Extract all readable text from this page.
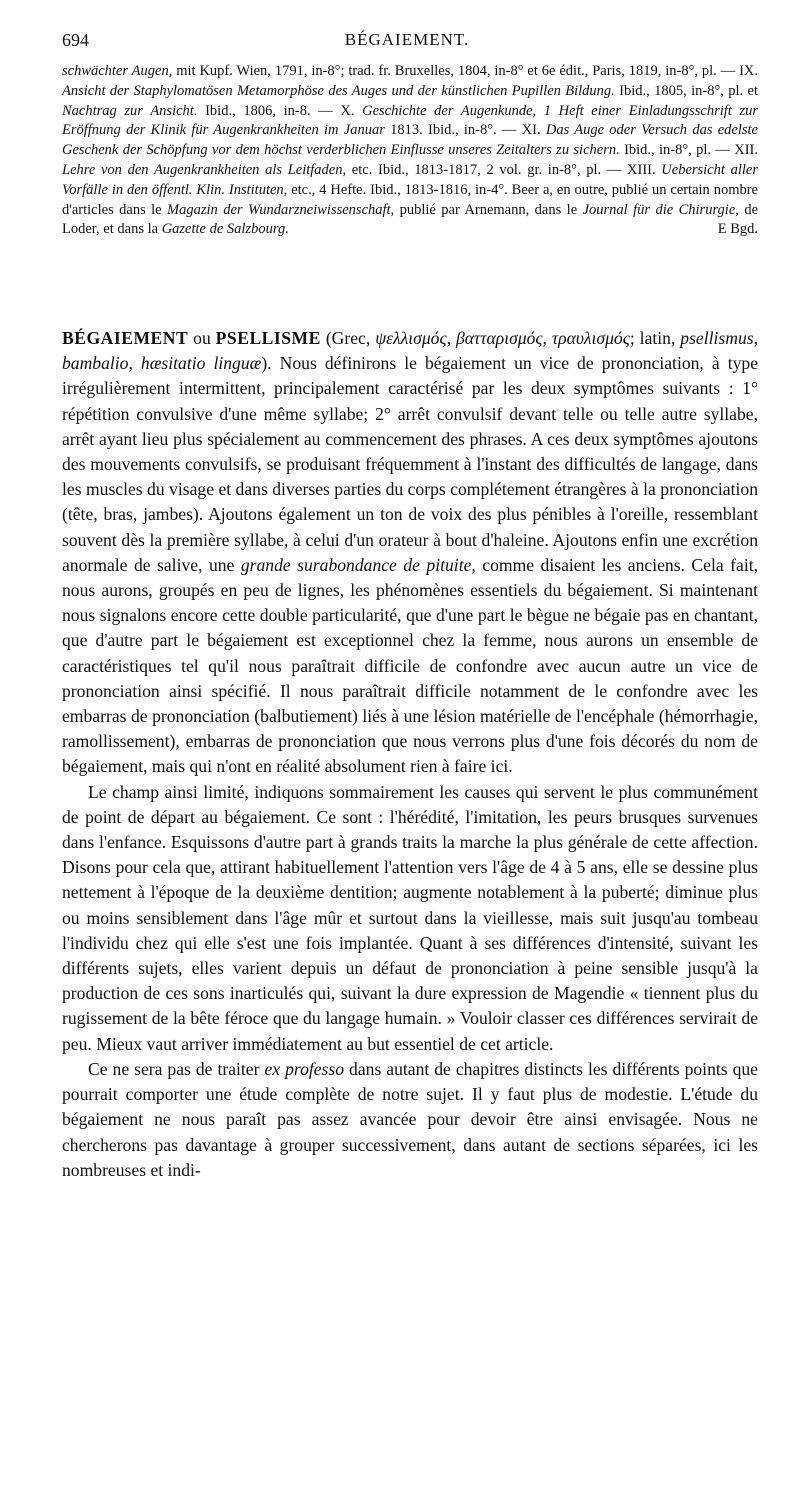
694	BÉGAIEMENT.
schwächter Augen, mit Kupf. Wien, 1791, in-8°; trad. fr. Bruxelles, 1804, in-8° et 6e édit., Paris, 1819, in-8°, pl. — IX. Ansicht der Staphylomatösen Metamorphöse des Auges und der künstlichen Pupillen Bildung. Ibid., 1805, in-8°, pl. et Nachtrag zur Ansicht. Ibid., 1806, in-8. — X. Geschichte der Augenkunde, 1 Heft einer Einladungsschrift zur Eröffnung der Klinik für Augenkrankheiten im Januar 1813. Ibid., in-8°. — XI. Das Auge oder Versuch das edelste Geschenk der Schöpfung vor dem höchst verderblichen Einflusse unseres Zeitalters zu sichern. Ibid., in-8°, pl. — XII. Lehre von den Augenkrankheiten als Leitfaden, etc. Ibid., 1813-1817, 2 vol. gr. in-8°, pl. — XIII. Uebersicht aller Vorfälle in den öffentl. Klin. Instituten, etc., 4 Hefte. Ibid., 1813-1816, in-4°. Beer a, en outre, publié un certain nombre d'articles dans le Magazin der Wundarzneiwissenschaft, publié par Arnemann, dans le Journal für die Chirurgie, de Loder, et dans la Gazette de Salzbourg.	E Bgd.

BÉGAIEMENT ou PSELLISME (Grec, ψελλισμός, βατταρισμός, τραυλισμός; latin, psellismus, bambalio, hæsitatio linguæ). Nous définirons le bégaiement un vice de prononciation, à type irrégulièrement intermittent, principalement caractérisé par les deux symptômes suivants : 1° répétition convulsive d'une même syllabe; 2° arrêt convulsif devant telle ou telle autre syllabe, arrêt ayant lieu plus spécialement au commencement des phrases. A ces deux symptômes ajoutons des mouvements convulsifs, se produisant fréquemment à l'instant des difficultés de langage, dans les muscles du visage et dans diverses parties du corps complétement étrangères à la prononciation (tête, bras, jambes). Ajoutons également un ton de voix des plus pénibles à l'oreille, ressemblant souvent dès la première syllabe, à celui d'un orateur à bout d'haleine. Ajoutons enfin une excrétion anormale de salive, une grande surabondance de pituite, comme disaient les anciens. Cela fait, nous aurons, groupés en peu de lignes, les phénomènes essentiels du bégaiement. Si maintenant nous signalons encore cette double particularité, que d'une part le bègue ne bégaie pas en chantant, que d'autre part le bégaiement est exceptionnel chez la femme, nous aurons un ensemble de caractéristiques tel qu'il nous paraîtrait difficile de confondre avec aucun autre un vice de prononciation ainsi spécifié. Il nous paraîtrait difficile notamment de le confondre avec les embarras de prononciation (balbutiement) liés à une lésion matérielle de l'encéphale (hémorrhagie, ramollissement), embarras de prononciation que nous verrons plus d'une fois décorés du nom de bégaiement, mais qui n'ont en réalité absolument rien à faire ici.

Le champ ainsi limité, indiquons sommairement les causes qui servent le plus communément de point de départ au bégaiement. Ce sont : l'hérédité, l'imitation, les peurs brusques survenues dans l'enfance. Esquissons d'autre part à grands traits la marche la plus générale de cette affection. Disons pour cela que, attirant habituellement l'attention vers l'âge de 4 à 5 ans, elle se dessine plus nettement à l'époque de la deuxième dentition; augmente notablement à la puberté; diminue plus ou moins sensiblement dans l'âge mûr et surtout dans la vieillesse, mais suit jusqu'au tombeau l'individu chez qui elle s'est une fois implantée. Quant à ses différences d'intensité, suivant les différents sujets, elles varient depuis un défaut de prononciation à peine sensible jusqu'à la production de ces sons inarticulés qui, suivant la dure expression de Magendie « tiennent plus du rugissement de la bête féroce que du langage humain. » Vouloir classer ces différences servirait de peu. Mieux vaut arriver immédiatement au but essentiel de cet article.

Ce ne sera pas de traiter ex professo dans autant de chapitres distincts les différents points que pourrait comporter une étude complète de notre sujet. Il y faut plus de modestie. L'étude du bégaiement ne nous paraît pas assez avancée pour devoir être ainsi envisagée. Nous ne chercherons pas davantage à grouper successivement, dans autant de sections séparées, ici les nombreuses et indi-
